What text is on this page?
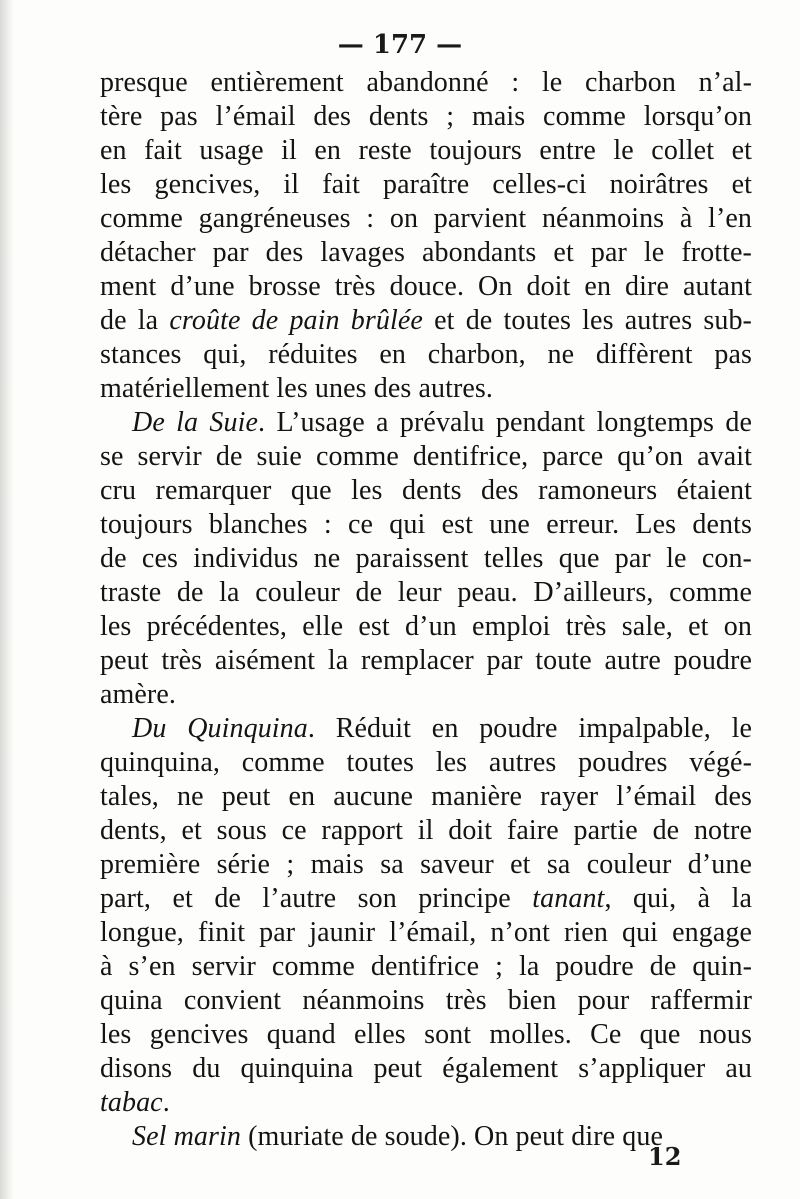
— 177 —

presque entièrement abandonné : le charbon n’al-
tère pas l’émail des dents ; mais comme lorsqu’on
en fait usage il en reste toujours entre le collet et
les gencives, il fait paraître celles-ci noirâtres et
comme gangréneuses : on parvient néanmoins à l’en
détacher par des lavages abondants et par le frotte-
ment d’une brosse très douce. On doit en dire autant
de la croûte de pain brûlée et de toutes les autres sub-
stances qui, réduites en charbon, ne diffèrent pas
matériellement les unes des autres.
De la Suie. L’usage a prévalu pendant longtemps de
se servir de suie comme dentifrice, parce qu’on avait
cru remarquer que les dents des ramoneurs étaient
toujours blanches : ce qui est une erreur. Les dents
de ces individus ne paraissent telles que par le con-
traste de la couleur de leur peau. D’ailleurs, comme
les précédentes, elle est d’un emploi très sale, et on
peut très aisément la remplacer par toute autre poudre
amère.
Du Quinquina. Réduit en poudre impalpable, le
quinquina, comme toutes les autres poudres végé-
tales, ne peut en aucune manière rayer l’émail des
dents, et sous ce rapport il doit faire partie de notre
première série ; mais sa saveur et sa couleur d’une
part, et de l’autre son principe tanant, qui, à la
longue, finit par jaunir l’émail, n’ont rien qui engage
à s’en servir comme dentifrice ; la poudre de quin-
quina convient néanmoins très bien pour raffermir
les gencives quand elles sont molles. Ce que nous
disons du quinquina peut également s’appliquer au
tabac.
Sel marin (muriate de soude). On peut dire que

12
